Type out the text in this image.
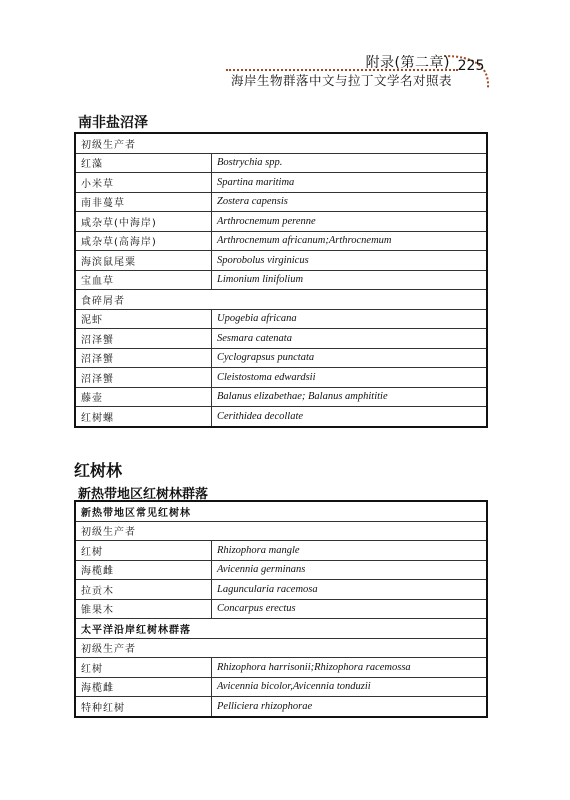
附录(第二章)
海岸生物群落中文与拉丁文学名对照表
225
南非盐沼泽
初级生产者	
红藻	Bostrychia spp.
小米草	Spartina maritima
南非蔓草	Zostera capensis
咸杂草(中海岸)	Arthrocnemum perenne
咸杂草(高海岸)	Arthrocnemum africanum;Arthrocnemum
海滨鼠尾粟	Sporobolus virginicus
宝血草	Limonium linifolium
食碎屑者	
泥虾	Upogebia africana
沼泽蟹	Sesmara catenata
沼泽蟹	Cyclograpsus punctata
沼泽蟹	Cleistostoma edwardsii
藤壶	Balanus elizabethae; Balanus amphititie
红树螺	Cerithidea decollate
红树林
新热带地区红树林群落
新热带地区常见红树林	
初级生产者	
红树	Rhizophora mangle
海榄雌	Avicennia germinans
拉贡木	Laguncularia racemosa
锥果木	Concarpus erectus
太平洋沿岸红树林群落	
初级生产者	
红树	Rhizophora harrisonii;Rhizophora racemossa
海榄雌	Avicennia bicolor,Avicennia tonduzii
特种红树	Pelliciera rhizophorae
